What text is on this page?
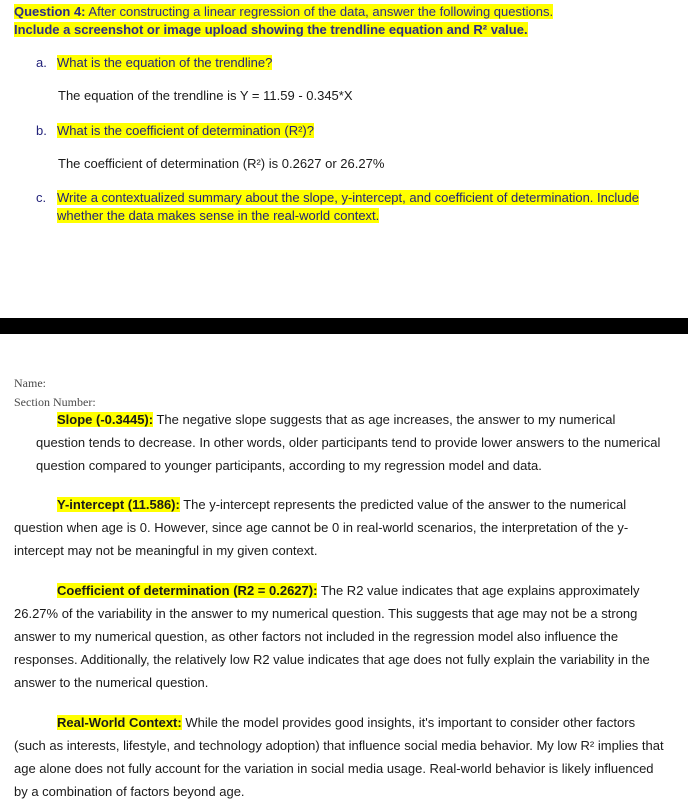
Question 4: After constructing a linear regression of the data, answer the following questions.
Include a screenshot or image upload showing the trendline equation and R² value.
a. What is the equation of the trendline?
The equation of the trendline is Y = 11.59 - 0.345*X
b. What is the coefficient of determination (R²)?
The coefficient of determination (R²) is 0.2627 or 26.27%
c. Write a contextualized summary about the slope, y-intercept, and coefficient of determination. Include whether the data makes sense in the real-world context.
Name:
Section Number:
Slope (-0.3445): The negative slope suggests that as age increases, the answer to my numerical question tends to decrease. In other words, older participants tend to provide lower answers to the numerical question compared to younger participants, according to my regression model and data.
Y-intercept (11.586): The y-intercept represents the predicted value of the answer to the numerical question when age is 0. However, since age cannot be 0 in real-world scenarios, the interpretation of the y-intercept may not be meaningful in my given context.
Coefficient of determination (R2 = 0.2627): The R2 value indicates that age explains approximately 26.27% of the variability in the answer to my numerical question. This suggests that age may not be a strong answer to my numerical question, as other factors not included in the regression model also influence the responses. Additionally, the relatively low R2 value indicates that age does not fully explain the variability in the answer to the numerical question.
Real-World Context: While the model provides good insights, it's important to consider other factors (such as interests, lifestyle, and technology adoption) that influence social media behavior. My low R² implies that age alone does not fully account for the variation in social media usage. Real-world behavior is likely influenced by a combination of factors beyond age.
